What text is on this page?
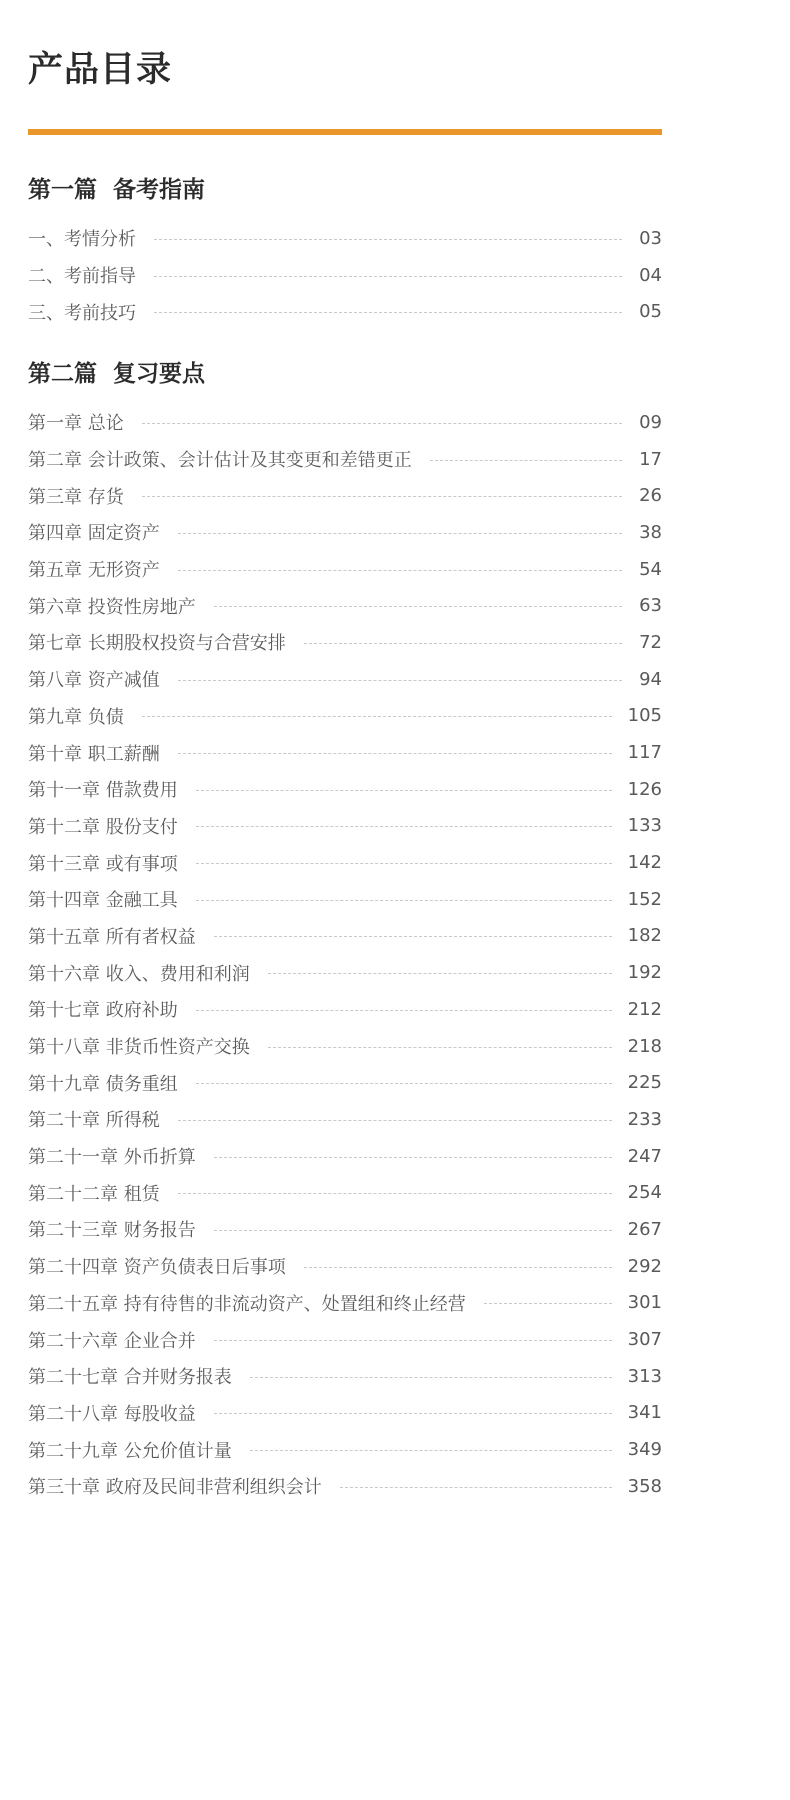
产品目录
第一篇  备考指南
一、考情分析	03
二、考前指导	04
三、考前技巧	05
第二篇  复习要点
第一章 总论	09
第二章 会计政策、会计估计及其变更和差错更正	17
第三章 存货	26
第四章 固定资产	38
第五章 无形资产	54
第六章 投资性房地产	63
第七章 长期股权投资与合营安排	72
第八章 资产减值	94
第九章 负债	105
第十章 职工薪酬	117
第十一章 借款费用	126
第十二章 股份支付	133
第十三章 或有事项	142
第十四章 金融工具	152
第十五章 所有者权益	182
第十六章 收入、费用和利润	192
第十七章 政府补助	212
第十八章 非货币性资产交换	218
第十九章 债务重组	225
第二十章 所得税	233
第二十一章 外币折算	247
第二十二章 租赁	254
第二十三章 财务报告	267
第二十四章 资产负债表日后事项	292
第二十五章 持有待售的非流动资产、处置组和终止经营	301
第二十六章 企业合并	307
第二十七章 合并财务报表	313
第二十八章 每股收益	341
第二十九章 公允价值计量	349
第三十章 政府及民间非营利组织会计	358
